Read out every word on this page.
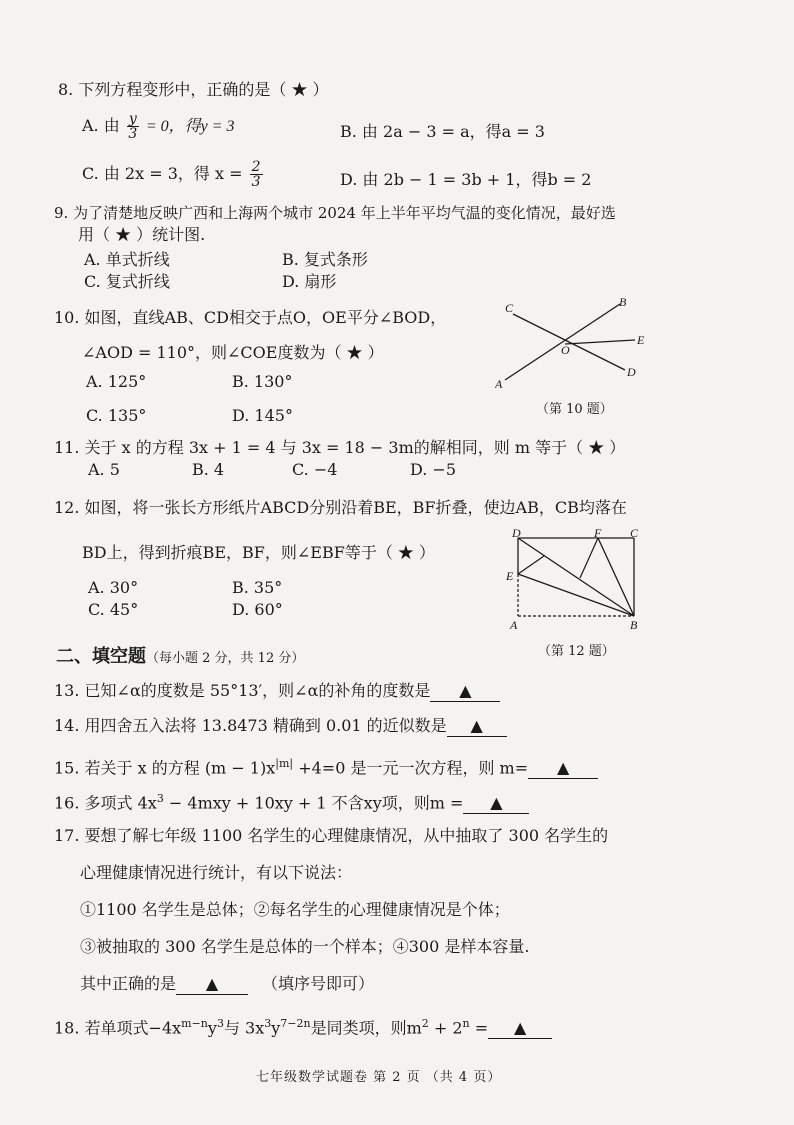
8. 下列方程变形中，正确的是（ ★ ）
A. 由 $\frac{y}{3} = 0$，得y = 3	B. 由 2a − 3 = a，得a = 3
C. 由 2x = 3，得 $x = \frac{2}{3}$	D. 由 2b − 1 = 3b + 1，得b = 2
9. 为了清楚地反映广西和上海两个城市 2024 年上半年平均气温的变化情况，最好选
用（ ★ ）统计图.
A. 单式折线	B. 复式条形
C. 复式折线	D. 扇形
10. 如图，直线AB、CD相交于点O，OE平分∠BOD，
∠AOD = 110°，则∠COE度数为（ ★ ）
A. 125°	B. 130°
C. 135°	D. 145°
A
B
C
D
E
O
（第 10 题）
11. 关于 x 的方程 3x + 1 = 4 与 3x = 18 − 3m的解相同，则 m 等于（ ★ ）
A. 5	B. 4	C. −4	D. −5
12. 如图，将一张长方形纸片ABCD分别沿着BE，BF折叠，使边AB，CB均落在
BD上，得到折痕BE，BF，则∠EBF等于（ ★ ）
A. 30°	B. 35°
C. 45°	D. 60°
D	F C
E
A	B
（第 12 题）
二、填空题（每小题 2 分，共 12 分）
13. 已知∠α的度数是 55°13′，则∠α的补角的度数是 ▲
14. 用四舍五入法将 13.8473 精确到 0.01 的近似数是 ▲
15. 若关于 x 的方程 $(m - 1)x^{|m|} +4=0$ 是一元一次方程，则 m= ▲
16. 多项式 $4x^3 - 4mxy + 10xy + 1$ 不含xy项，则m = ▲
17. 要想了解七年级 1100 名学生的心理健康情况，从中抽取了 300 名学生的
心理健康情况进行统计，有以下说法：
①1100 名学生是总体；②每名学生的心理健康情况是个体；
③被抽取的 300 名学生是总体的一个样本；④300 是样本容量.
其中正确的是 ▲	（填序号即可）
18. 若单项式$-4x^{m-n}y^3$与 $3x^3y^{7-2n}$是同类项，则$m^2 + 2^n$ = ▲
七年级数学试题卷 第 2 页 （共 4 页）
